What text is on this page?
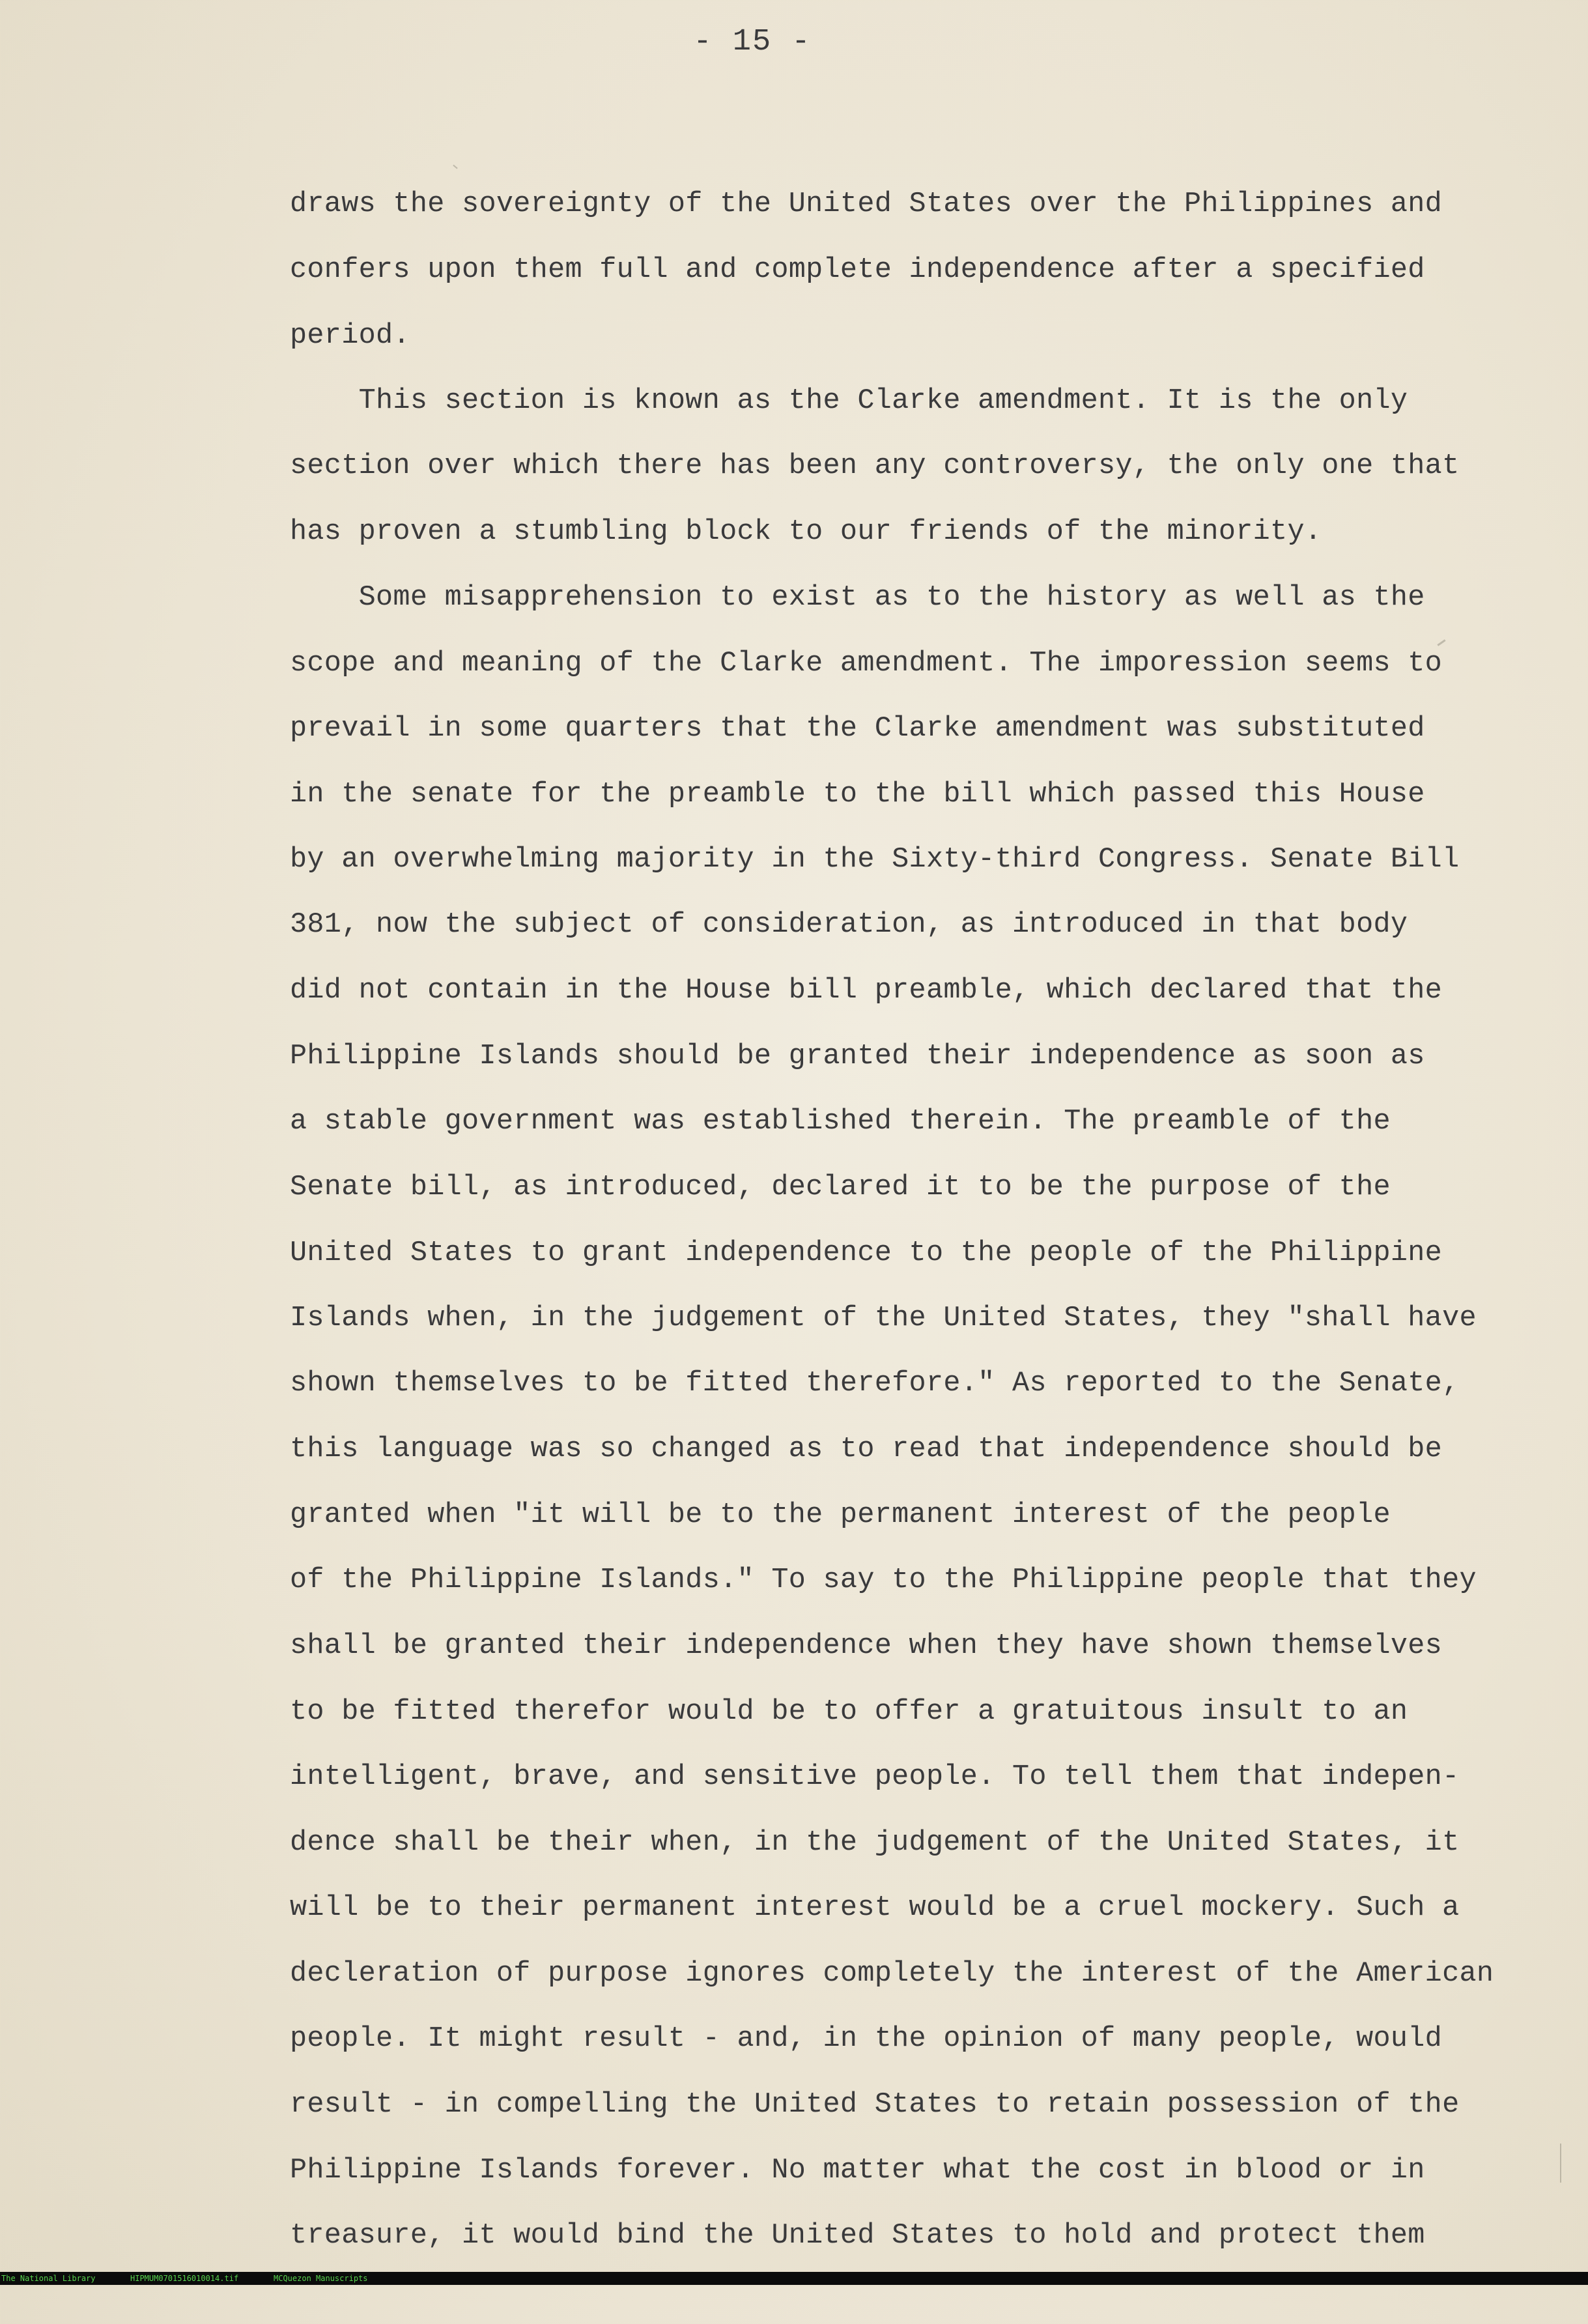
- 15 -

draws the sovereignty of the United States over the Philippines and

confers upon them full and complete independence after a specified

period.

This section is known as the Clarke amendment. It is the only

section over which there has been any controversy, the only one that

has proven a stumbling block to our friends of the minority.

Some misapprehension to exist as to the history as well as the

scope and meaning of the Clarke amendment. The imporession seems to

prevail in some quarters that the Clarke amendment was substituted

in the senate for the preamble to the bill which passed this House

by an overwhelming majority in the Sixty-third Congress. Senate Bill

381, now the subject of consideration, as introduced in that body

did not contain in the House bill preamble, which declared that the

Philippine Islands should be granted their independence as soon as

a stable government was established therein. The preamble of the

Senate bill, as introduced, declared it to be the purpose of the

United States to grant independence to the people of the Philippine

Islands when, in the judgement of the United States, they "shall have

shown themselves to be fitted therefore." As reported to the Senate,

this language was so changed as to read that independence should be

granted when "it will be to the permanent interest of the people

of the Philippine Islands." To say to the Philippine people that they

shall be granted their independence when they have shown themselves

to be fitted therefor would be to offer a gratuitous insult to an

intelligent, brave, and sensitive people. To tell them that indepen-

dence shall be their when, in the judgement of the United States, it

will be to their permanent interest would be a cruel mockery. Such a

decleration of purpose ignores completely the interest of the American

people. It might result - and, in the opinion of many people, would

result - in compelling the United States to retain possession of the

Philippine Islands forever. No matter what the cost in blood or in

treasure, it would bind the United States to hold and protect them

The National Library

	HIPMUM0701516010014.tif

	MCQuezon Manuscripts
